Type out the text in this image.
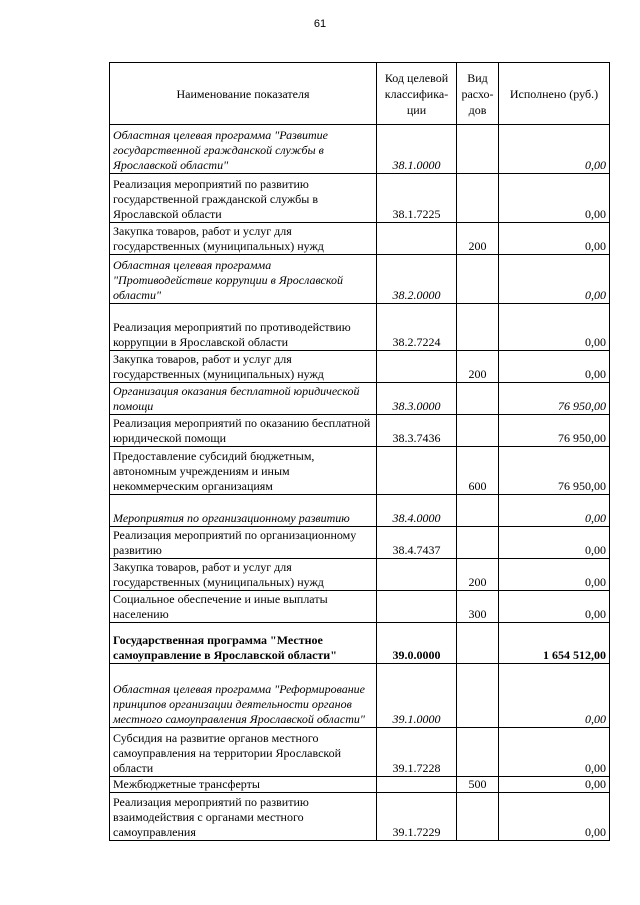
61
Наименование показателя	Код целевой классифика-ции	Вид расхо-дов	Исполнено (руб.)
Областная целевая программа "Развитие государственной гражданской службы в Ярославской области"	38.1.0000		0,00
Реализация мероприятий по развитию государственной гражданской службы в Ярославской области	38.1.7225		0,00
Закупка товаров, работ и услуг для государственных (муниципальных) нужд		200	0,00
Областная целевая программа "Противодействие коррупции в Ярославской области"	38.2.0000		0,00
Реализация мероприятий по противодействию коррупции в Ярославской области	38.2.7224		0,00
Закупка товаров, работ и услуг для государственных (муниципальных) нужд		200	0,00
Организация оказания бесплатной юридической помощи	38.3.0000		76 950,00
Реализация мероприятий по оказанию бесплатной юридической помощи	38.3.7436		76 950,00
Предоставление субсидий бюджетным, автономным учреждениям и иным некоммерческим организациям		600	76 950,00
Мероприятия по организационному развитию	38.4.0000		0,00
Реализация мероприятий по организационному развитию	38.4.7437		0,00
Закупка товаров, работ и услуг для государственных (муниципальных) нужд		200	0,00
Социальное обеспечение и иные выплаты населению		300	0,00
Государственная программа "Местное самоуправление в Ярославской области"	39.0.0000		1 654 512,00
Областная целевая программа "Реформирование принципов организации деятельности органов местного самоуправления Ярославской области"	39.1.0000		0,00
Субсидия на развитие органов местного самоуправления на территории Ярославской области	39.1.7228		0,00
Межбюджетные трансферты		500	0,00
Реализация мероприятий по развитию взаимодействия с органами местного самоуправления	39.1.7229		0,00
